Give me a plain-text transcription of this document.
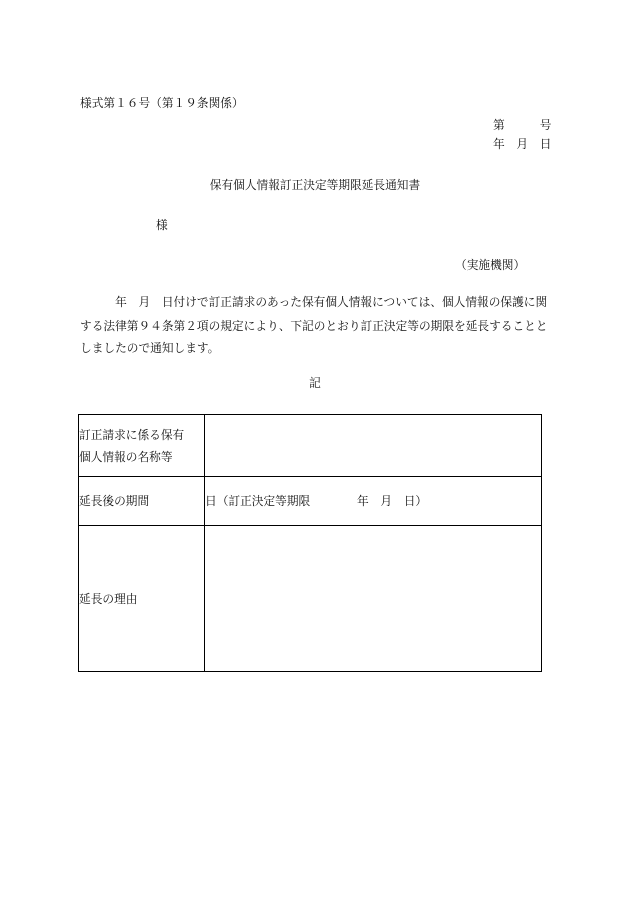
様式第１６号（第１９条関係）
第　　　号
年　月　日
保有個人情報訂正決定等期限延長通知書
様
（実施機関）
　　　年　月　日付けで訂正請求のあった保有個人情報については、個人情報の保護に関
する法律第９４条第２項の規定により、下記のとおり訂正決定等の期限を延長することと
しましたので通知します。
記
訂正請求に係る保有
個人情報の名称等	

延長後の期間	日（訂正決定等期限　　　　年　月　日）
延長の理由	
